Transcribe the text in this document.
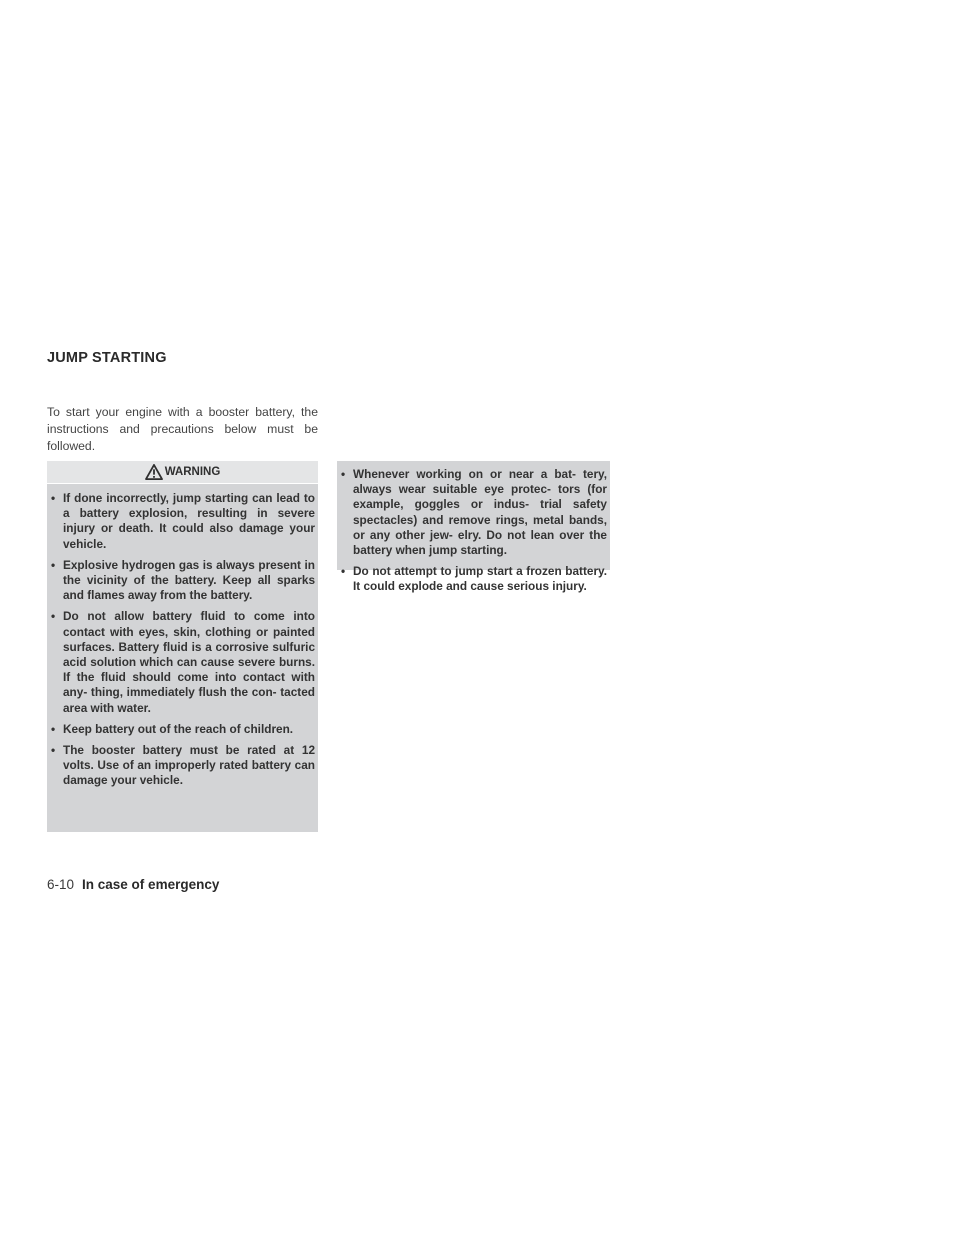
JUMP STARTING

To start your engine with a booster battery, the instructions and precautions below must be followed.

WARNING
• If done incorrectly, jump starting can lead to a battery explosion, resulting in severe injury or death. It could also damage your vehicle.
• Explosive hydrogen gas is always present in the vicinity of the battery. Keep all sparks and flames away from the battery.
• Do not allow battery fluid to come into contact with eyes, skin, clothing or painted surfaces. Battery fluid is a corrosive sulfuric acid solution which can cause severe burns. If the fluid should come into contact with any- thing, immediately flush the con- tacted area with water.
• Keep battery out of the reach of children.
• The booster battery must be rated at 12 volts. Use of an improperly rated battery can damage your vehicle.
• Whenever working on or near a bat- tery, always wear suitable eye protec- tors (for example, goggles or indus- trial safety spectacles) and remove rings, metal bands, or any other jew- elry. Do not lean over the battery when jump starting.
• Do not attempt to jump start a frozen battery. It could explode and cause serious injury.
6-10 In case of emergency
